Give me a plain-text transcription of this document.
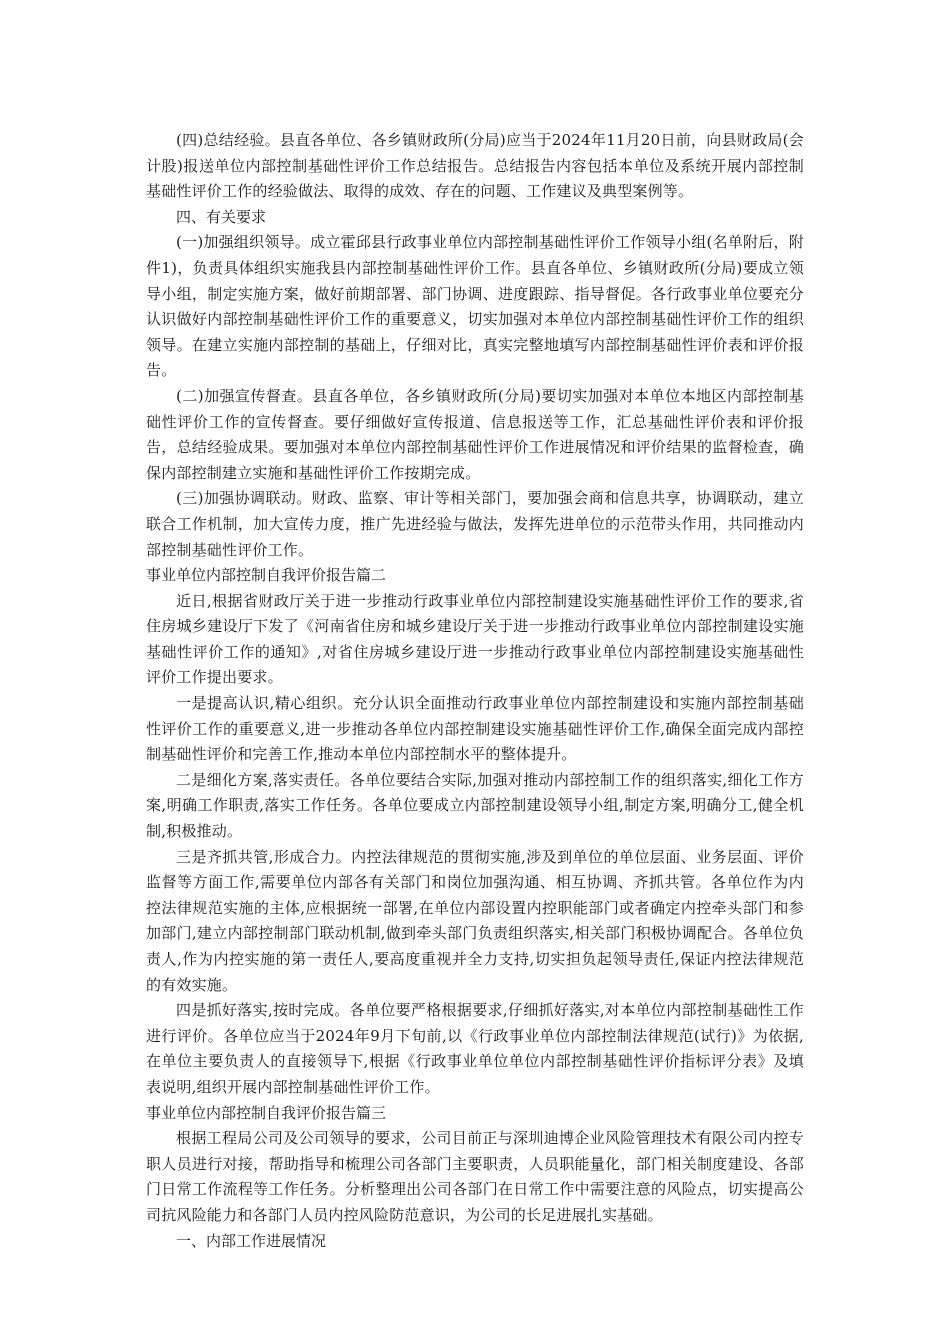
(四)总结经验。县直各单位、各乡镇财政所(分局)应当于2024年11月20日前，向县财政局(会计股)报送单位内部控制基础性评价工作总结报告。总结报告内容包括本单位及系统开展内部控制基础性评价工作的经验做法、取得的成效、存在的问题、工作建议及典型案例等。

四、有关要求

(一)加强组织领导。成立霍邱县行政事业单位内部控制基础性评价工作领导小组(名单附后，附件1)，负责具体组织实施我县内部控制基础性评价工作。县直各单位、乡镇财政所(分局)要成立领导小组，制定实施方案，做好前期部署、部门协调、进度跟踪、指导督促。各行政事业单位要充分认识做好内部控制基础性评价工作的重要意义，切实加强对本单位内部控制基础性评价工作的组织领导。在建立实施内部控制的基础上，仔细对比，真实完整地填写内部控制基础性评价表和评价报告。

(二)加强宣传督查。县直各单位，各乡镇财政所(分局)要切实加强对本单位本地区内部控制基础性评价工作的宣传督查。要仔细做好宣传报道、信息报送等工作，汇总基础性评价表和评价报告，总结经验成果。要加强对本单位内部控制基础性评价工作进展情况和评价结果的监督检查，确保内部控制建立实施和基础性评价工作按期完成。

(三)加强协调联动。财政、监察、审计等相关部门，要加强会商和信息共享，协调联动，建立联合工作机制，加大宣传力度，推广先进经验与做法，发挥先进单位的示范带头作用，共同推动内部控制基础性评价工作。

事业单位内部控制自我评价报告篇二

近日,根据省财政厅关于进一步推动行政事业单位内部控制建设实施基础性评价工作的要求,省住房城乡建设厅下发了《河南省住房和城乡建设厅关于进一步推动行政事业单位内部控制建设实施基础性评价工作的通知》,对省住房城乡建设厅进一步推动行政事业单位内部控制建设实施基础性评价工作提出要求。

一是提高认识,精心组织。充分认识全面推动行政事业单位内部控制建设和实施内部控制基础性评价工作的重要意义,进一步推动各单位内部控制建设实施基础性评价工作,确保全面完成内部控制基础性评价和完善工作,推动本单位内部控制水平的整体提升。

二是细化方案,落实责任。各单位要结合实际,加强对推动内部控制工作的组织落实,细化工作方案,明确工作职责,落实工作任务。各单位要成立内部控制建设领导小组,制定方案,明确分工,健全机制,积极推动。

三是齐抓共管,形成合力。内控法律规范的贯彻实施,涉及到单位的单位层面、业务层面、评价监督等方面工作,需要单位内部各有关部门和岗位加强沟通、相互协调、齐抓共管。各单位作为内控法律规范实施的主体,应根据统一部署,在单位内部设置内控职能部门或者确定内控牵头部门和参加部门,建立内部控制部门联动机制,做到牵头部门负责组织落实,相关部门积极协调配合。各单位负责人,作为内控实施的第一责任人,要高度重视并全力支持,切实担负起领导责任,保证内控法律规范的有效实施。

四是抓好落实,按时完成。各单位要严格根据要求,仔细抓好落实,对本单位内部控制基础性工作进行评价。各单位应当于2024年9月下旬前,以《行政事业单位内部控制法律规范(试行)》为依据,在单位主要负责人的直接领导下,根据《行政事业单位单位内部控制基础性评价指标评分表》及填表说明,组织开展内部控制基础性评价工作。

事业单位内部控制自我评价报告篇三

根据工程局公司及公司领导的要求，公司目前正与深圳迪博企业风险管理技术有限公司内控专职人员进行对接，帮助指导和梳理公司各部门主要职责，人员职能量化，部门相关制度建设、各部门日常工作流程等工作任务。分析整理出公司各部门在日常工作中需要注意的风险点，切实提高公司抗风险能力和各部门人员内控风险防范意识，为公司的长足进展扎实基础。

一、内部工作进展情况
